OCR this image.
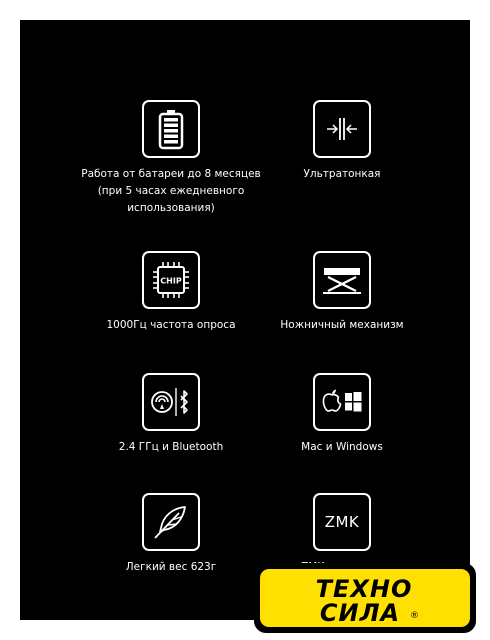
Работа от батареи до 8 месяцев
(при 5 часах ежедневного
использования)
Ультратонкая
CHIP
1000Гц частота опроса	Ножничный механизм
2.4 ГГц и Bluetooth	Mac и Windows
Легкий вес 623г
ZMK
ТЕХНО
СИЛА ®
